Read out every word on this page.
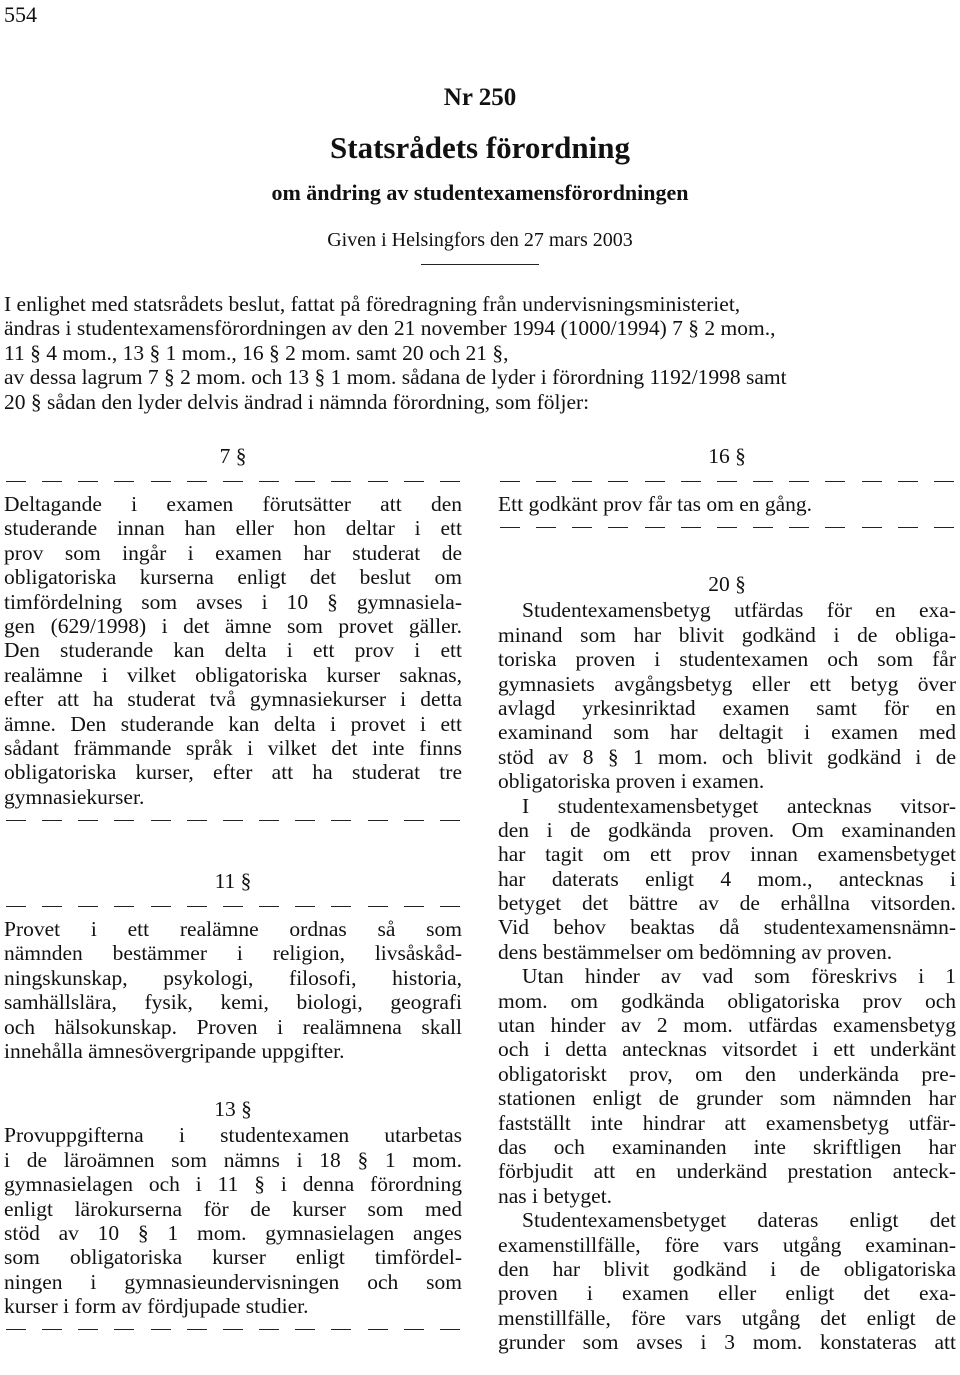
554
Nr 250
Statsrådets förordning
om ändring av studentexamensförordningen
Given i Helsingfors den 27 mars 2003
I enlighet med statsrådets beslut, fattat på föredragning från undervisningsministeriet,
ändras i studentexamensförordningen av den 21 november 1994 (1000/1994) 7 § 2 mom.,
11 § 4 mom., 13 § 1 mom., 16 § 2 mom. samt 20 och 21 §,
av dessa lagrum 7 § 2 mom. och 13 § 1 mom. sådana de lyder i förordning 1192/1998 samt
20 § sådan den lyder delvis ändrad i nämnda förordning, som följer:
7 §
Deltagande i examen förutsätter att den
studerande innan han eller hon deltar i ett
prov som ingår i examen har studerat de
obligatoriska kurserna enligt det beslut om
timfördelning som avses i 10 § gymnasiela-
gen (629/1998) i det ämne som provet gäller.
Den studerande kan delta i ett prov i ett
realämne i vilket obligatoriska kurser saknas,
efter att ha studerat två gymnasiekurser i detta
ämne. Den studerande kan delta i provet i ett
sådant främmande språk i vilket det inte finns
obligatoriska kurser, efter att ha studerat tre
gymnasiekurser.
11 §
Provet i ett realämne ordnas så som
nämnden bestämmer i religion, livsåskåd-
ningskunskap, psykologi, filosofi, historia,
samhällslära, fysik, kemi, biologi, geografi
och hälsokunskap. Proven i realämnena skall
innehålla ämnesövergripande uppgifter.
13 §
Provuppgifterna i studentexamen utarbetas
i de läroämnen som nämns i 18 § 1 mom.
gymnasielagen och i 11 § i denna förordning
enligt lärokurserna för de kurser som med
stöd av 10 § 1 mom. gymnasielagen anges
som obligatoriska kurser enligt timfördel-
ningen i gymnasieundervisningen och som
kurser i form av fördjupade studier.
16 §
Ett godkänt prov får tas om en gång.
20 §
Studentexamensbetyg utfärdas för en exa-
minand som har blivit godkänd i de obliga-
toriska proven i studentexamen och som får
gymnasiets avgångsbetyg eller ett betyg över
avlagd yrkesinriktad examen samt för en
examinand som har deltagit i examen med
stöd av 8 § 1 mom. och blivit godkänd i de
obligatoriska proven i examen.
I studentexamensbetyget antecknas vitsor-
den i de godkända proven. Om examinanden
har tagit om ett prov innan examensbetyget
har daterats enligt 4 mom., antecknas i
betyget det bättre av de erhållna vitsorden.
Vid behov beaktas då studentexamensnämn-
dens bestämmelser om bedömning av proven.
Utan hinder av vad som föreskrivs i 1
mom. om godkända obligatoriska prov och
utan hinder av 2 mom. utfärdas examensbetyg
och i detta antecknas vitsordet i ett underkänt
obligatoriskt prov, om den underkända pre-
stationen enligt de grunder som nämnden har
fastställt inte hindrar att examensbetyg utfär-
das och examinanden inte skriftligen har
förbjudit att en underkänd prestation anteck-
nas i betyget.
Studentexamensbetyget dateras enligt det
examenstillfälle, före vars utgång examinan-
den har blivit godkänd i de obligatoriska
proven i examen eller enligt det exa-
menstillfälle, före vars utgång det enligt de
grunder som avses i 3 mom. konstateras att
